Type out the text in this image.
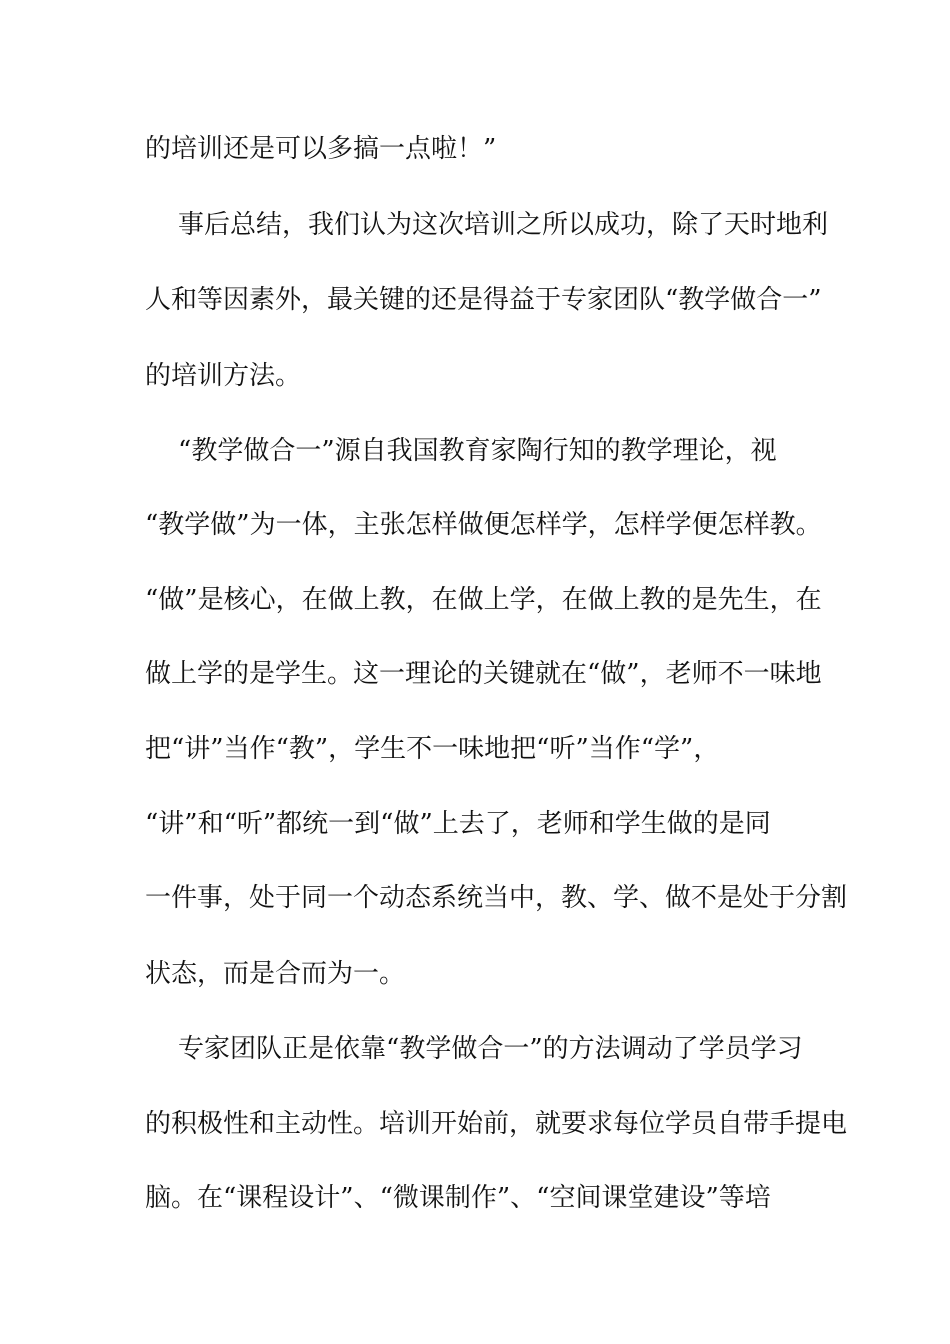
的培训还是可以多搞一点啦！”
事后总结，我们认为这次培训之所以成功，除了天时地利
人和等因素外，最关键的还是得益于专家团队“教学做合一”
的培训方法。
“教学做合一”源自我国教育家陶行知的教学理论，视
“教学做”为一体，主张怎样做便怎样学，怎样学便怎样教。
“做”是核心，在做上教，在做上学，在做上教的是先生，在
做上学的是学生。这一理论的关键就在“做”，老师不一味地
把“讲”当作“教”，学生不一味地把“听”当作“学”，
“讲”和“听”都统一到“做”上去了，老师和学生做的是同
一件事，处于同一个动态系统当中，教、学、做不是处于分割
状态，而是合而为一。
专家团队正是依靠“教学做合一”的方法调动了学员学习
的积极性和主动性。培训开始前，就要求每位学员自带手提电
脑。在“课程设计”、“微课制作”、“空间课堂建设”等培
